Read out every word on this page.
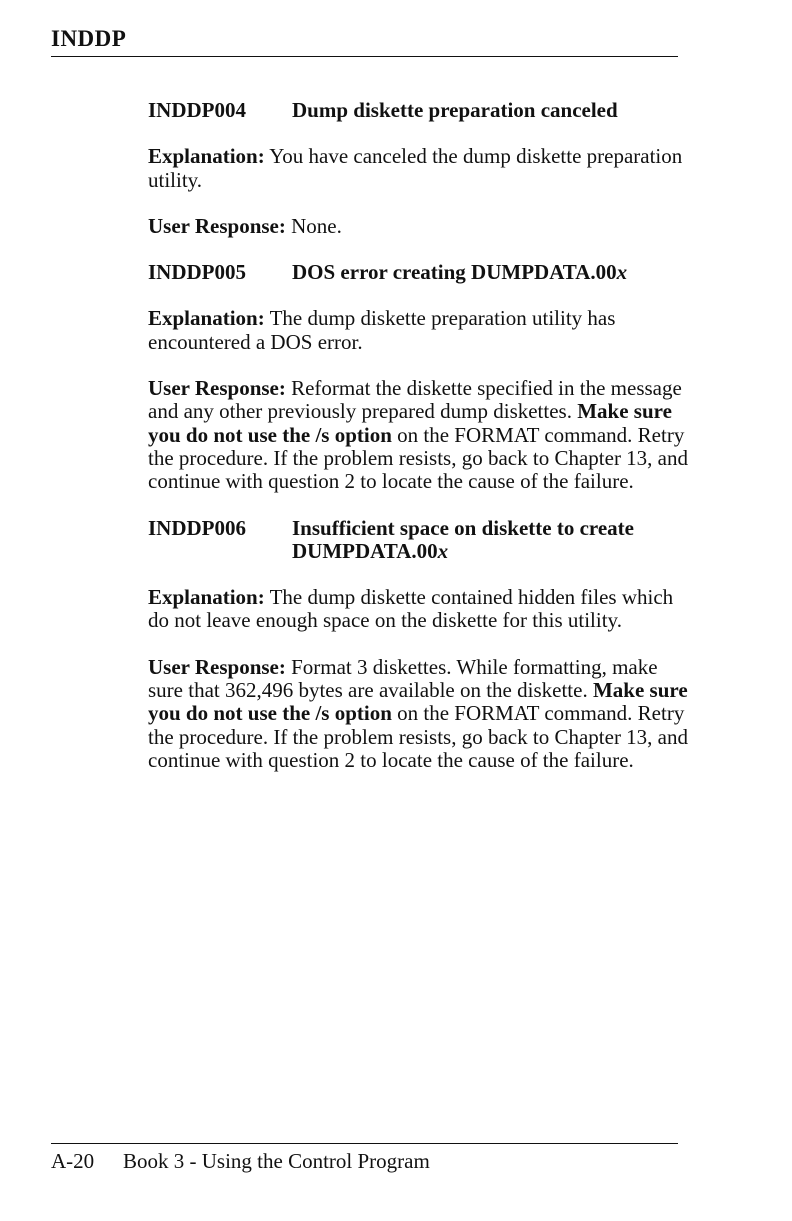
INDDP
INDDP004	Dump diskette preparation canceled

Explanation: You have canceled the dump diskette preparation utility.

User Response: None.

INDDP005	DOS error creating DUMPDATA.00x

Explanation: The dump diskette preparation utility has encountered a DOS error.

User Response: Reformat the diskette specified in the message and any other previously prepared dump diskettes. Make sure you do not use the /s option on the FORMAT command. Retry the procedure. If the problem resists, go back to Chapter 13, and continue with question 2 to locate the cause of the failure.

INDDP006	Insufficient space on diskette to create DUMPDATA.00x

Explanation: The dump diskette contained hidden files which do not leave enough space on the diskette for this utility.

User Response: Format 3 diskettes. While formatting, make sure that 362,496 bytes are available on the diskette. Make sure you do not use the /s option on the FORMAT command. Retry the procedure. If the problem resists, go back to Chapter 13, and continue with question 2 to locate the cause of the failure.

A-20 Book 3 - Using the Control Program
